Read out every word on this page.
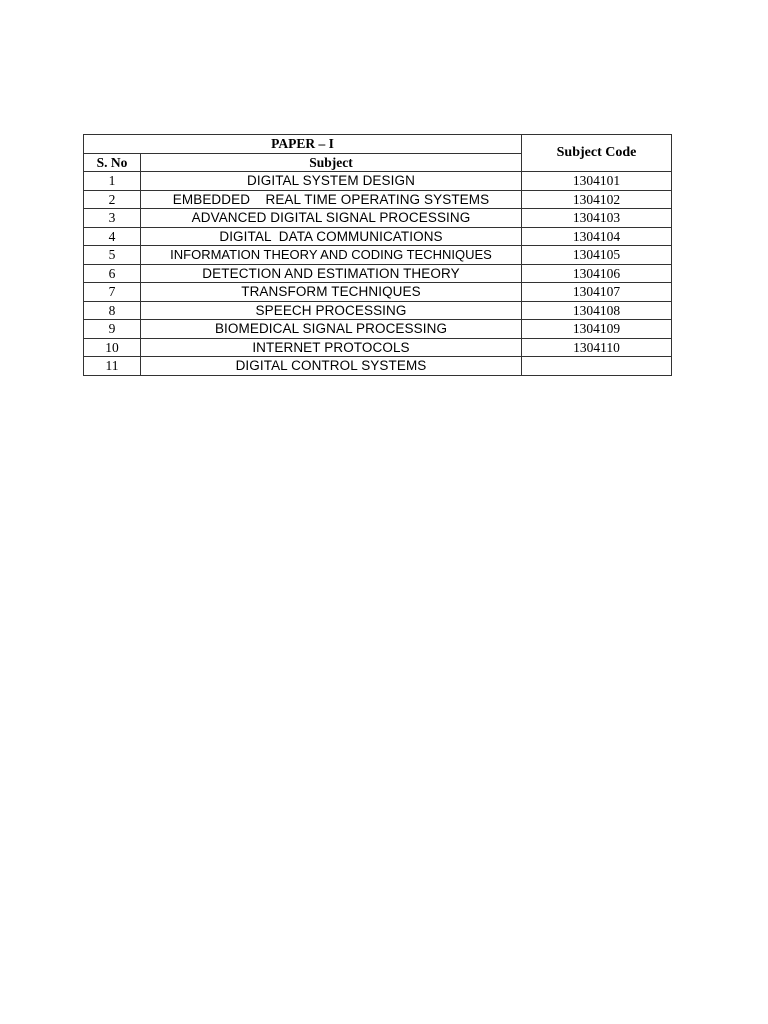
PAPER – I		Subject Code
S. No	Subject	
1	DIGITAL SYSTEM DESIGN	1304101
2	EMBEDDED    REAL TIME OPERATING SYSTEMS	1304102
3	ADVANCED DIGITAL SIGNAL PROCESSING	1304103
4	DIGITAL  DATA COMMUNICATIONS	1304104
5	INFORMATION THEORY AND CODING TECHNIQUES	1304105
6	DETECTION AND ESTIMATION THEORY	1304106
7	TRANSFORM TECHNIQUES	1304107
8	SPEECH PROCESSING	1304108
9	BIOMEDICAL SIGNAL PROCESSING	1304109
10	INTERNET PROTOCOLS	1304110
11	DIGITAL CONTROL SYSTEMS	
